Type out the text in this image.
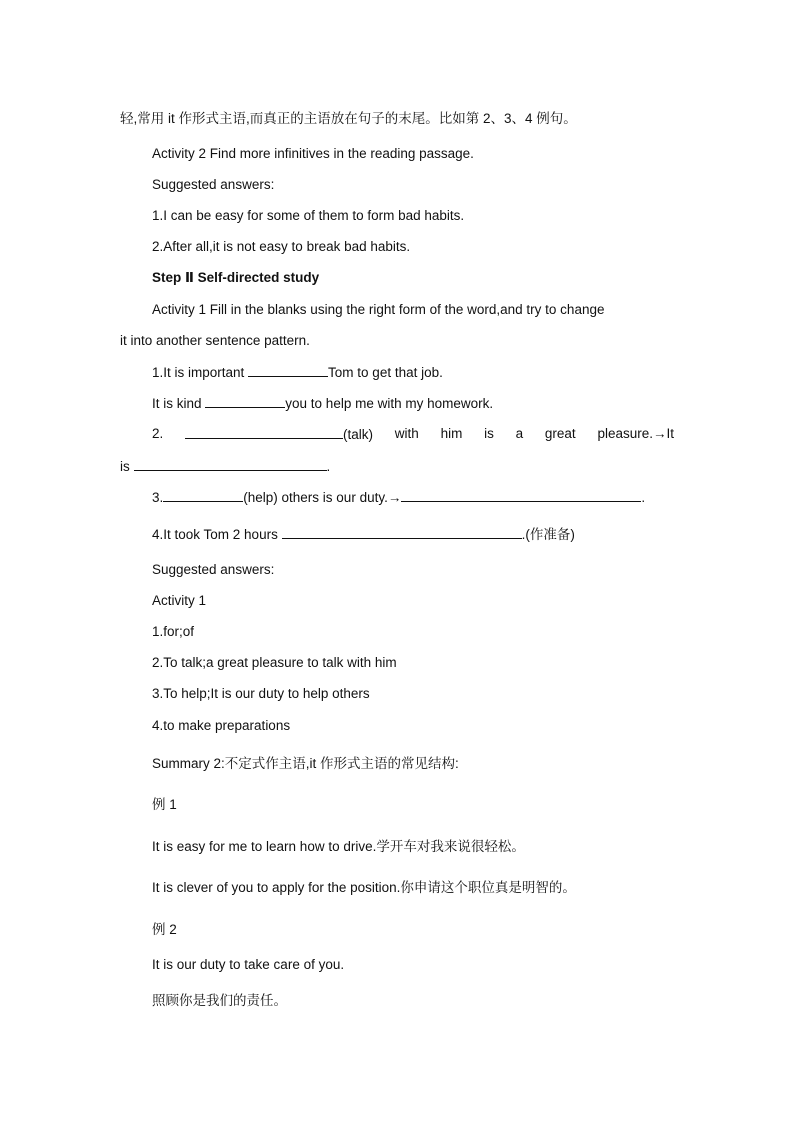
轻,常用 it 作形式主语,而真正的主语放在句子的末尾。比如第 2、3、4 例句。
Activity 2 Find more infinitives in the reading passage.
Suggested answers:
1.I can be easy for some of them to form bad habits.
2.After all,it is not easy to break bad habits.
Step Ⅱ Self-directed study
Activity 1 Fill in the blanks using the right form of the word,and try to change
it into another sentence pattern.
1.It is important	Tom to get that job.
It is kind	you to help me with my homework.
2.	(talk) with him is a great pleasure.→It
is	.
3.	(help) others is our duty.→	.
4.It took Tom 2 hours	.(作准备)
Suggested answers:
Activity 1
1.for;of
2.To talk;a great pleasure to talk with him
3.To help;It is our duty to help others
4.to make preparations
Summary 2:不定式作主语,it 作形式主语的常见结构:
例 1
It is easy for me to learn how to drive.学开车对我来说很轻松。
It is clever of you to apply for the position.你申请这个职位真是明智的。
例 2
It is our duty to take care of you.
照顾你是我们的责任。
